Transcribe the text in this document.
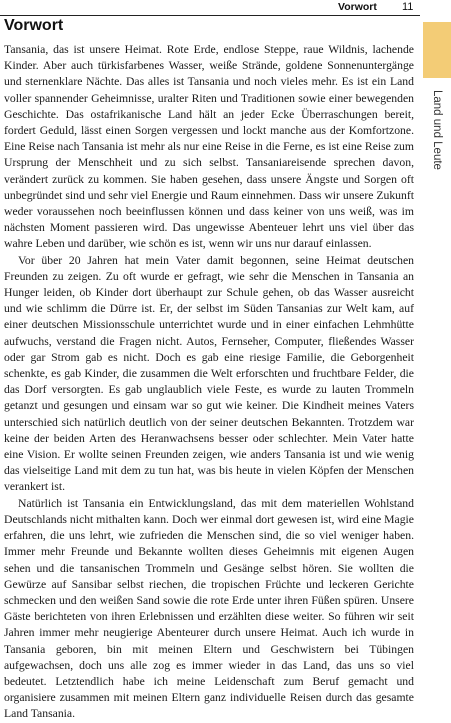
Vorwort 11
Land und Leute
Vorwort

Tansania, das ist unsere Heimat. Rote Erde, endlose Steppe, raue Wildnis, lachende Kinder. Aber auch türkisfarbenes Wasser, weiße Strände, goldene Sonnenuntergänge und sternenklare Nächte. Das alles ist Tansania und noch vieles mehr. Es ist ein Land voller spannender Geheimnisse, uralter Riten und Traditionen sowie einer bewegenden Geschichte. Das ostafrikanische Land hält an jeder Ecke Überraschungen bereit, fordert Geduld, lässt einen Sorgen vergessen und lockt manche aus der Komfortzone. Eine Reise nach Tansania ist mehr als nur eine Reise in die Ferne, es ist eine Reise zum Ursprung der Menschheit und zu sich selbst. Tansaniareisende sprechen davon, verändert zurück zu kommen. Sie haben gesehen, dass unsere Ängste und Sorgen oft unbegründet sind und sehr viel Energie und Raum einnehmen. Dass wir unsere Zukunft weder voraussehen noch beeinflussen können und dass keiner von uns weiß, was im nächsten Moment passieren wird. Das ungewisse Abenteuer lehrt uns viel über das wahre Leben und darüber, wie schön es ist, wenn wir uns nur darauf einlassen.

Vor über 20 Jahren hat mein Vater damit begonnen, seine Heimat deutschen Freunden zu zeigen. Zu oft wurde er gefragt, wie sehr die Menschen in Tansania an Hunger leiden, ob Kinder dort überhaupt zur Schule gehen, ob das Wasser ausreicht und wie schlimm die Dürre ist. Er, der selbst im Süden Tansanias zur Welt kam, auf einer deutschen Missionsschule unterrichtet wurde und in einer einfachen Lehmhütte aufwuchs, verstand die Fragen nicht. Autos, Fernseher, Computer, fließendes Wasser oder gar Strom gab es nicht. Doch es gab eine riesige Familie, die Geborgenheit schenkte, es gab Kinder, die zusammen die Welt erforschten und fruchtbare Felder, die das Dorf versorgten. Es gab unglaublich viele Feste, es wurde zu lauten Trommeln getanzt und gesungen und einsam war so gut wie keiner. Die Kindheit meines Vaters unterschied sich natürlich deutlich von der seiner deutschen Bekannten. Trotzdem war keine der beiden Arten des Heranwachsens besser oder schlechter. Mein Vater hatte eine Vision. Er wollte seinen Freunden zeigen, wie anders Tansania ist und wie wenig das vielseitige Land mit dem zu tun hat, was bis heute in vielen Köpfen der Menschen verankert ist.

Natürlich ist Tansania ein Entwicklungsland, das mit dem materiellen Wohlstand Deutschlands nicht mithalten kann. Doch wer einmal dort gewesen ist, wird eine Magie erfahren, die uns lehrt, wie zufrieden die Menschen sind, die so viel weniger haben. Immer mehr Freunde und Bekannte wollten dieses Geheimnis mit eigenen Augen sehen und die tansanischen Trommeln und Gesänge selbst hören. Sie wollten die Gewürze auf Sansibar selbst riechen, die tropischen Früchte und leckeren Gerichte schmecken und den weißen Sand sowie die rote Erde unter ihren Füßen spüren. Unsere Gäste berichteten von ihren Erlebnissen und erzählten diese weiter. So führen wir seit Jahren immer mehr neugierige Abenteurer durch unsere Heimat. Auch ich wurde in Tansania geboren, bin mit meinen Eltern und Geschwistern bei Tübingen aufgewachsen, doch uns alle zog es immer wieder in das Land, das uns so viel bedeutet. Letztendlich habe ich meine Leidenschaft zum Beruf gemacht und organisiere zusammen mit meinen Eltern ganz individuelle Reisen durch das gesamte Land Tansania.
